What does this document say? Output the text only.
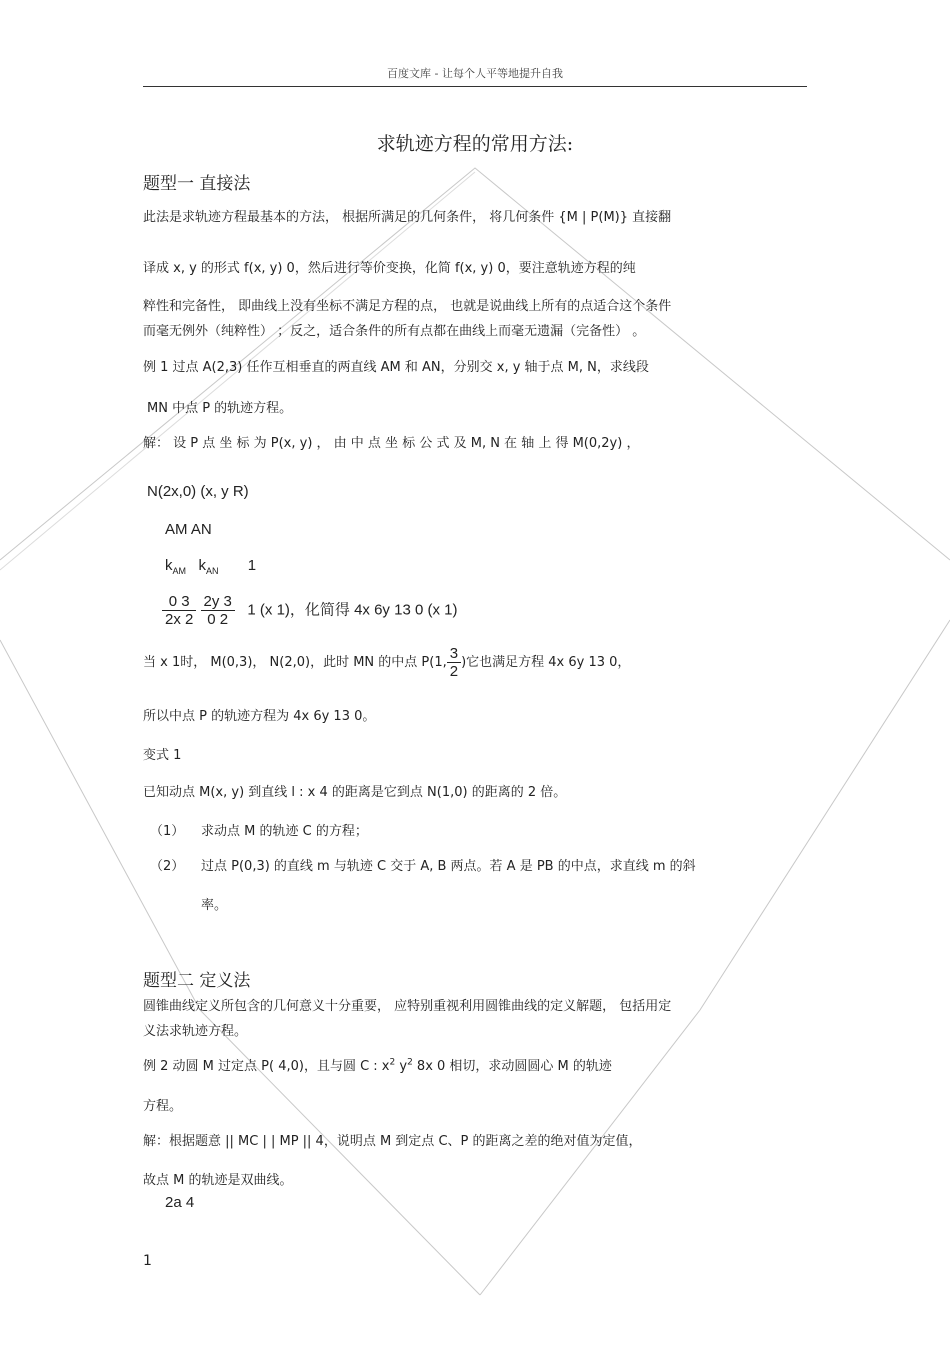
百度文库 - 让每个人平等地提升自我
求轨迹方程的常用方法:
题型一 直接法
此法是求轨迹方程最基本的方法， 根据所满足的几何条件， 将几何条件 {M | P(M)} 直接翻
译成 x, y 的形式 f(x, y) 0，然后进行等价变换，化简 f(x, y) 0，要注意轨迹方程的纯
粹性和完备性， 即曲线上没有坐标不满足方程的点， 也就是说曲线上所有的点适合这个条件
而毫无例外（纯粹性） ；反之，适合条件的所有点都在曲线上而毫无遗漏（完备性） 。
例 1 过点 A(2,3) 任作互相垂直的两直线 AM 和 AN，分别交 x, y 轴于点 M, N，求线段
MN 中点 P 的轨迹方程。
解： 设 P 点 坐 标 为 P(x, y) ， 由 中 点 坐 标 公 式 及 M, N 在 轴 上 得 M(0,2y) ，
N(2x,0) (x, y R)
AM AN
$k_{AM}$ $k_{AN}$ 1
$\frac{0 3}{2x 2}$
$\frac{2y 3}{0 2} 1$ (x 1)，化简得 4x 6y 13 0 (x 1)
当 x 1时， M(0,3)， N(2,0)，此时 MN 的中点 P(1, $\frac{3}{2}$ )它也满足方程 4x 6y 13 0，
所以中点 P 的轨迹方程为 4x 6y 13 0。
变式 1
已知动点 M(x, y) 到直线 l : x 4 的距离是它到点 N(1,0) 的距离的 2 倍。
（1） 求动点 M 的轨迹 C 的方程；
（2） 过点 P(0,3) 的直线 m 与轨迹 C 交于 A, B 两点。若 A 是 PB 的中点，求直线 m 的斜
率。
题型二 定义法
圆锥曲线定义所包含的几何意义十分重要， 应特别重视利用圆锥曲线的定义解题， 包括用定
义法求轨迹方程。
例 2 动圆 M 过定点 P( 4,0)，且与圆 C : $x^2$ $y^2$ 8x 0 相切，求动圆圆心 M 的轨迹
方程。
解：根据题意 || MC | | MP || 4，说明点 M 到定点 C、P 的距离之差的绝对值为定值，
故点 M 的轨迹是双曲线。
2a 4
1
